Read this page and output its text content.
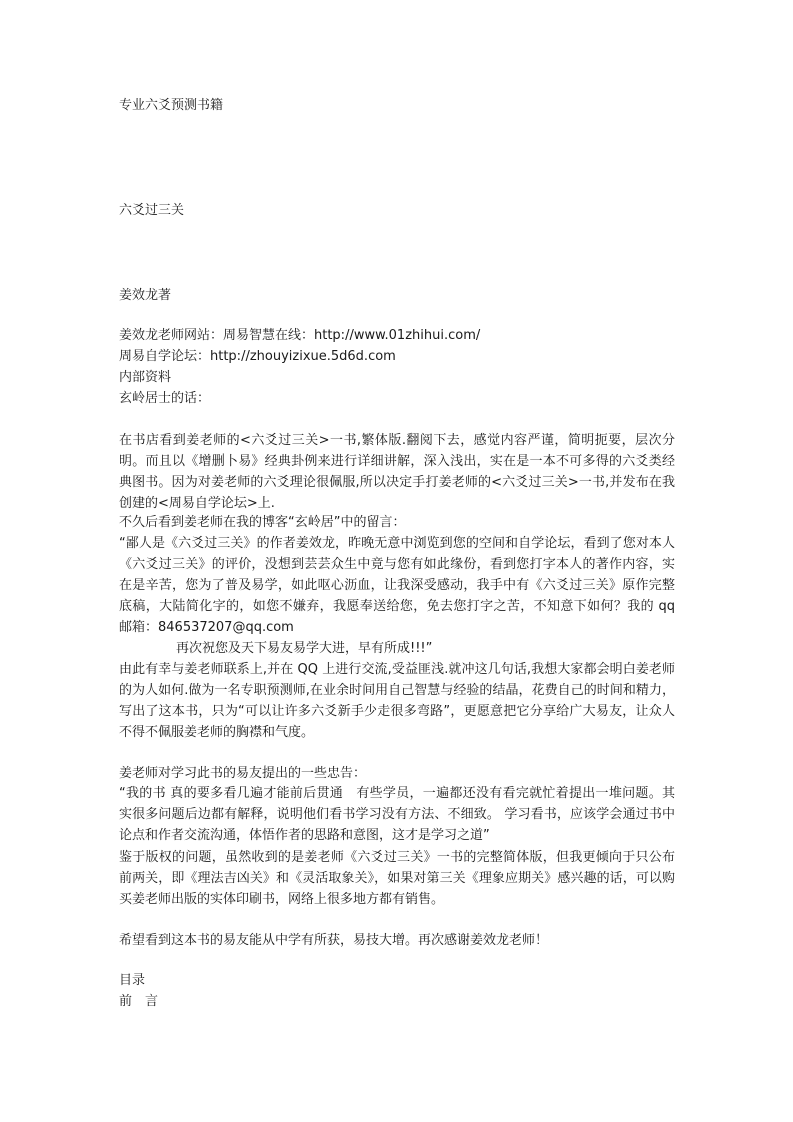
专业六爻预测书籍

六爻过三关

姜效龙著

姜效龙老师网站：周易智慧在线：http://www.01zhihui.com/

周易自学论坛：http://zhouyizixue.5d6d.com

内部资料

玄岭居士的话：

在书店看到姜老师的<六爻过三关>一书,繁体版.翻阅下去，感觉内容严谨，简明扼要，层次分明。而且以《增删卜易》经典卦例来进行详细讲解，深入浅出，实在是一本不可多得的六爻类经典图书。因为对姜老师的六爻理论很佩服,所以决定手打姜老师的<六爻过三关>一书,并发布在我创建的<周易自学论坛>上.

不久后看到姜老师在我的博客“玄岭居”中的留言：

“鄙人是《六爻过三关》的作者姜效龙，昨晚无意中浏览到您的空间和自学论坛，看到了您对本人《六爻过三关》的评价，没想到芸芸众生中竟与您有如此缘份，看到您打字本人的著作内容，实在是辛苦，您为了普及易学，如此呕心沥血，让我深受感动，我手中有《六爻过三关》原作完整底稿，大陆简化字的，如您不嫌弃，我愿奉送给您，免去您打字之苦，不知意下如何？我的 qq 邮箱：846537207@qq.com

再次祝您及天下易友易学大进，早有所成!!!”

由此有幸与姜老师联系上,并在 QQ 上进行交流,受益匪浅.就冲这几句话,我想大家都会明白姜老师的为人如何.做为一名专职预测师,在业余时间用自己智慧与经验的结晶，花费自己的时间和精力，写出了这本书，只为“可以让许多六爻新手少走很多弯路”，更愿意把它分享给广大易友，让众人不得不佩服姜老师的胸襟和气度。

姜老师对学习此书的易友提出的一些忠告：

“我的书 真的要多看几遍才能前后贯通　有些学员，一遍都还没有看完就忙着提出一堆问题。其实很多问题后边都有解释，说明他们看书学习没有方法、不细致。 学习看书，应该学会通过书中论点和作者交流沟通，体悟作者的思路和意图，这才是学习之道”

鉴于版权的问题，虽然收到的是姜老师《六爻过三关》一书的完整简体版，但我更倾向于只公布前两关，即《理法吉凶关》和《灵活取象关》，如果对第三关《理象应期关》感兴趣的话，可以购买姜老师出版的实体印刷书，网络上很多地方都有销售。

希望看到这本书的易友能从中学有所获，易技大增。再次感谢姜效龙老师！

目录

前　言
